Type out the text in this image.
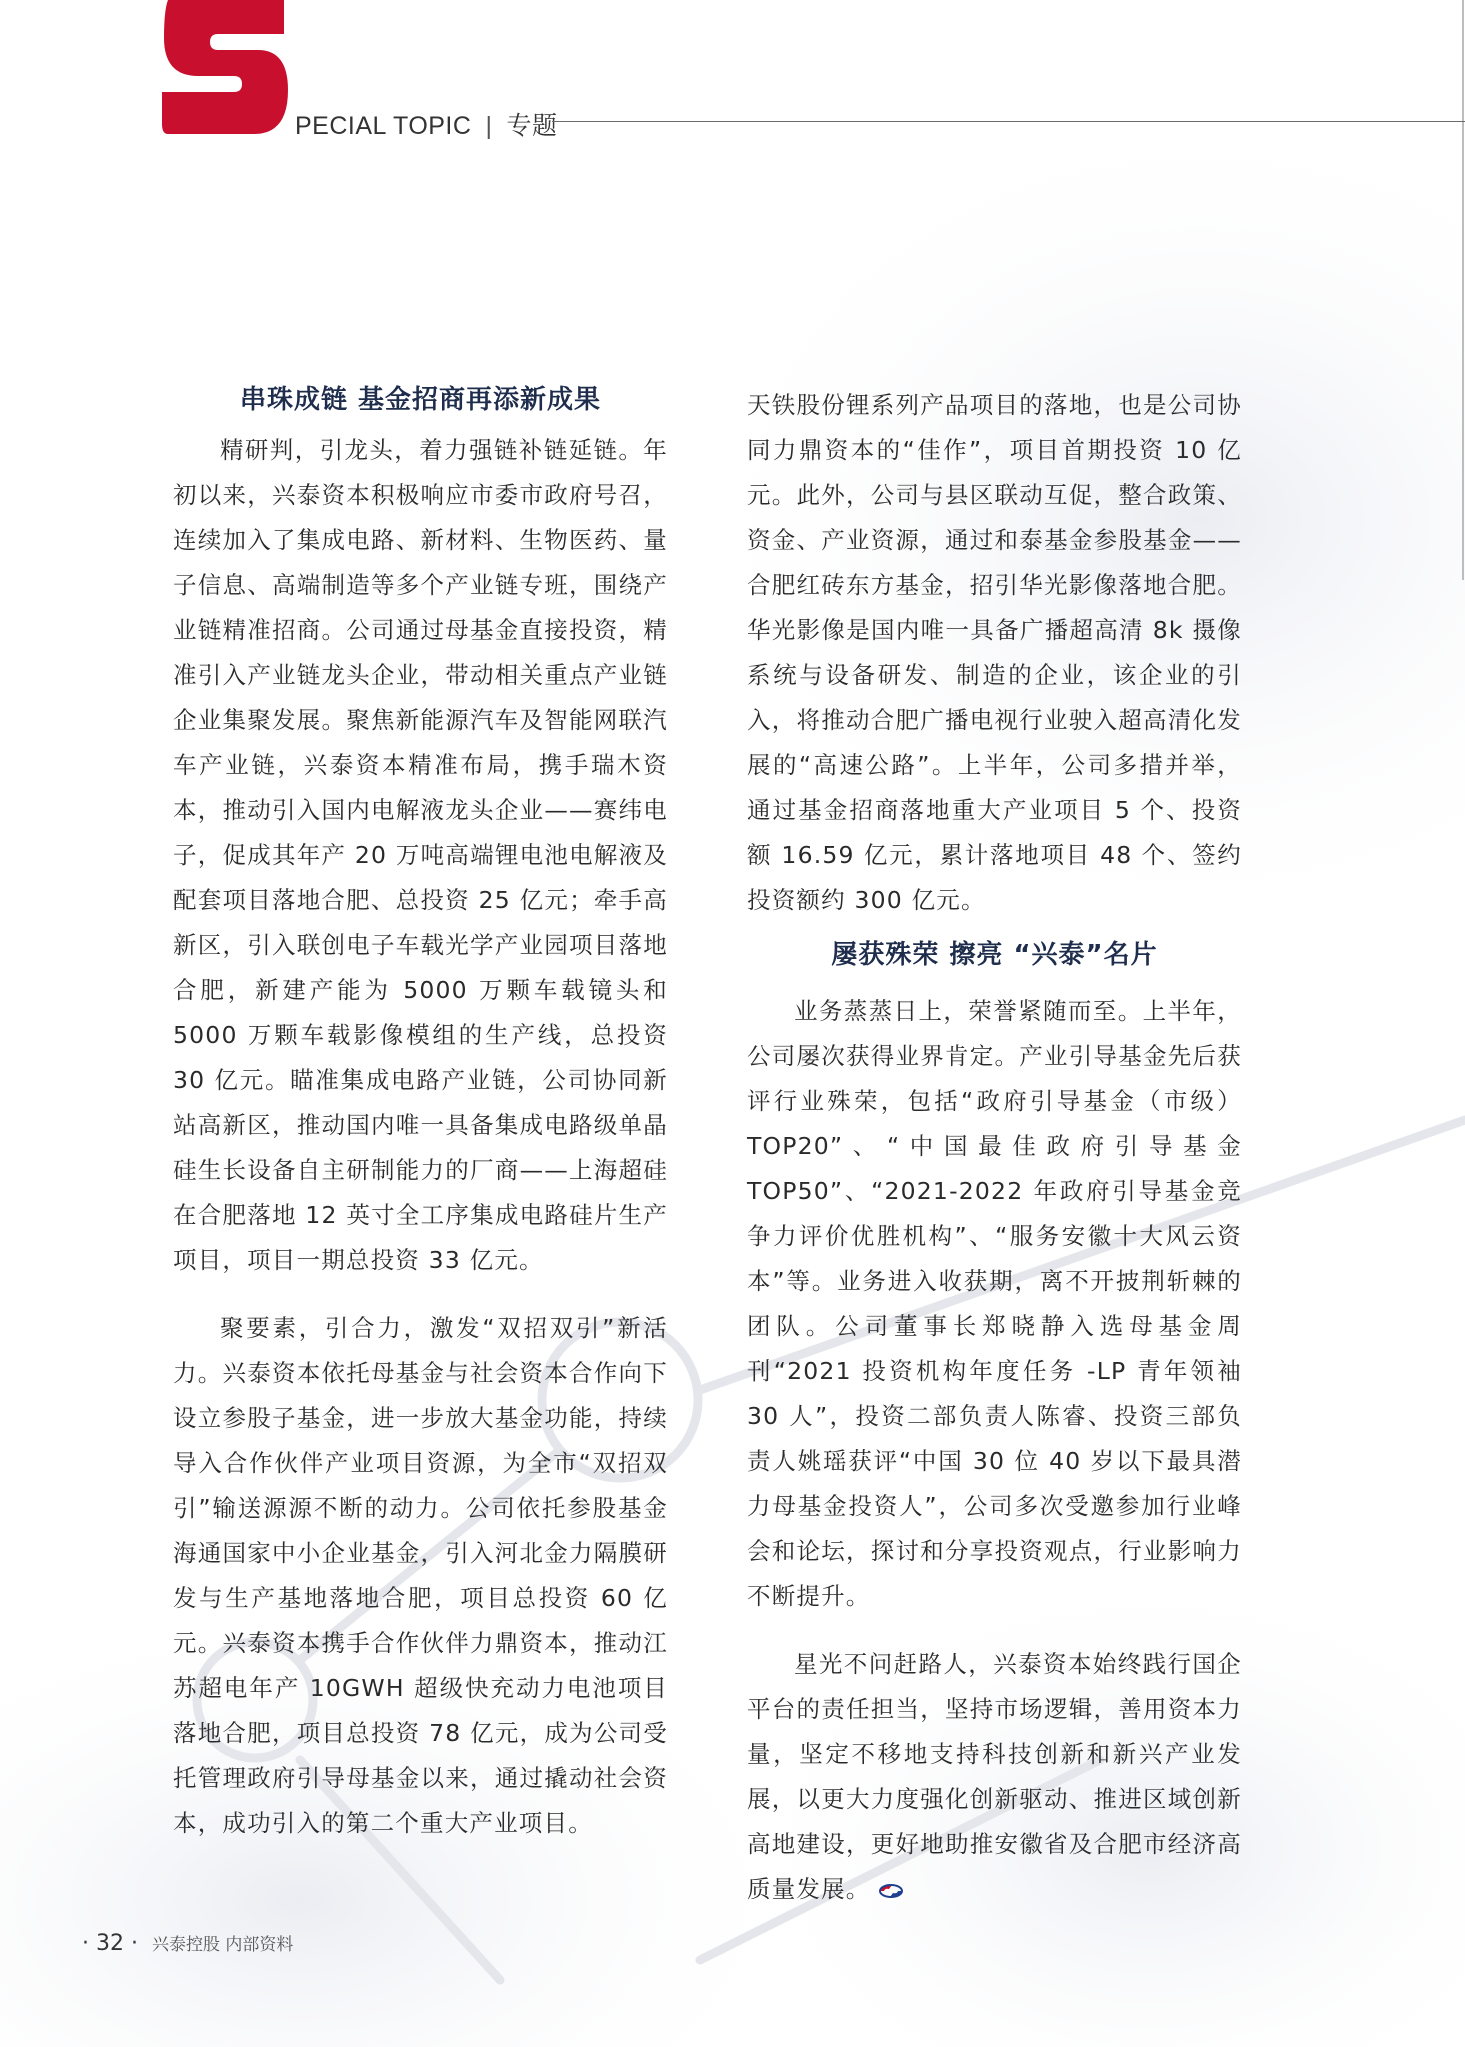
PECIAL TOPIC | 专题
串珠成链 基金招商再添新成果

精研判，引龙头，着力强链补链延链。年初以来，兴泰资本积极响应市委市政府号召，连续加入了集成电路、新材料、生物医药、量子信息、高端制造等多个产业链专班，围绕产业链精准招商。公司通过母基金直接投资，精准引入产业链龙头企业，带动相关重点产业链企业集聚发展。聚焦新能源汽车及智能网联汽车产业链，兴泰资本精准布局，携手瑞木资本，推动引入国内电解液龙头企业——赛纬电子，促成其年产 20 万吨高端锂电池电解液及配套项目落地合肥、总投资 25 亿元；牵手高新区，引入联创电子车载光学产业园项目落地合肥，新建产能为 5000 万颗车载镜头和 5000 万颗车载影像模组的生产线，总投资 30 亿元。瞄准集成电路产业链，公司协同新站高新区，推动国内唯一具备集成电路级单晶硅生长设备自主研制能力的厂商——上海超硅在合肥落地 12 英寸全工序集成电路硅片生产项目，项目一期总投资 33 亿元。

聚要素，引合力，激发“双招双引”新活力。兴泰资本依托母基金与社会资本合作向下设立参股子基金，进一步放大基金功能，持续导入合作伙伴产业项目资源，为全市“双招双引”输送源源不断的动力。公司依托参股基金海通国家中小企业基金，引入河北金力隔膜研发与生产基地落地合肥，项目总投资 60 亿元。兴泰资本携手合作伙伴力鼎资本，推动江苏超电年产 10GWH 超级快充动力电池项目落地合肥，项目总投资 78 亿元，成为公司受托管理政府引导母基金以来，通过撬动社会资本，成功引入的第二个重大产业项目。

天铁股份锂系列产品项目的落地，也是公司协同力鼎资本的“佳作”，项目首期投资 10 亿元。此外，公司与县区联动互促，整合政策、资金、产业资源，通过和泰基金参股基金——合肥红砖东方基金，招引华光影像落地合肥。华光影像是国内唯一具备广播超高清 8k 摄像系统与设备研发、制造的企业，该企业的引入，将推动合肥广播电视行业驶入超高清化发展的“高速公路”。上半年，公司多措并举，通过基金招商落地重大产业项目 5 个、投资额 16.59 亿元，累计落地项目 48 个、签约投资额约 300 亿元。

屡获殊荣 擦亮 “兴泰”名片

业务蒸蒸日上，荣誉紧随而至。上半年，公司屡次获得业界肯定。产业引导基金先后获评行业殊荣，包括“政府引导基金（市级）TOP20”、“中国最佳政府引导基金TOP50”、“2021-2022 年政府引导基金竞争力评价优胜机构”、“服务安徽十大风云资本”等。业务进入收获期，离不开披荆斩棘的团队。公司董事长郑晓静入选母基金周刊“2021 投资机构年度任务 -LP 青年领袖 30 人”，投资二部负责人陈睿、投资三部负责人姚瑶获评“中国 30 位 40 岁以下最具潜力母基金投资人”，公司多次受邀参加行业峰会和论坛，探讨和分享投资观点，行业影响力不断提升。

星光不问赶路人，兴泰资本始终践行国企平台的责任担当，坚持市场逻辑，善用资本力量，坚定不移地支持科技创新和新兴产业发展，以更大力度强化创新驱动、推进区域创新高地建设，更好地助推安徽省及合肥市经济高质量发展。

· 32 · 兴泰控股 内部资料
